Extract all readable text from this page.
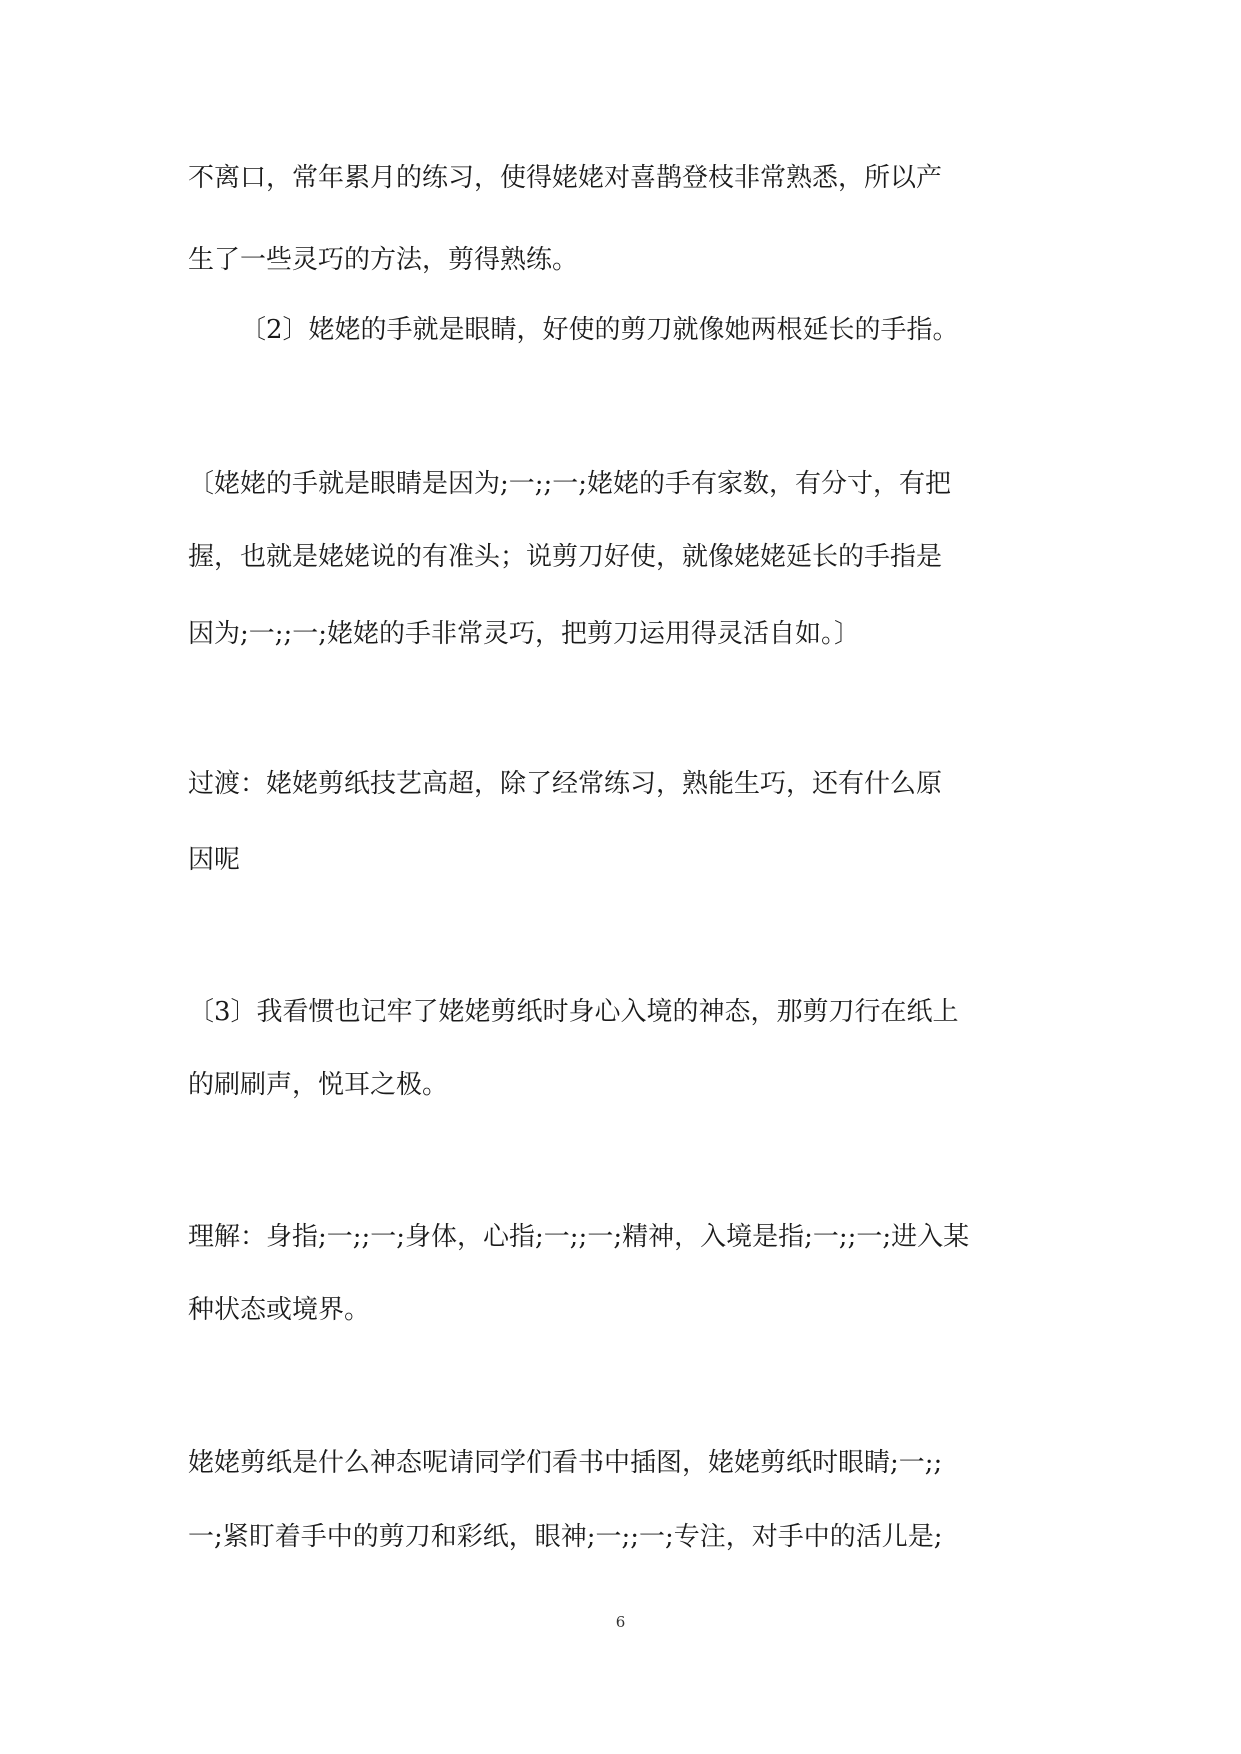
不离口，常年累月的练习，使得姥姥对喜鹊登枝非常熟悉，所以产
生了一些灵巧的方法，剪得熟练。
〔2〕姥姥的手就是眼睛，好使的剪刀就像她两根延长的手指。
〔姥姥的手就是眼睛是因为;一;;一;姥姥的手有家数，有分寸，有把
握，也就是姥姥说的有准头；说剪刀好使，就像姥姥延长的手指是
因为;一;;一;姥姥的手非常灵巧，把剪刀运用得灵活自如。〕
过渡：姥姥剪纸技艺高超，除了经常练习，熟能生巧，还有什么原
因呢
〔3〕我看惯也记牢了姥姥剪纸时身心入境的神态，那剪刀行在纸上
的刷刷声，悦耳之极。
理解：身指;一;;一;身体，心指;一;;一;精神，入境是指;一;;一;进入某
种状态或境界。
姥姥剪纸是什么神态呢请同学们看书中插图，姥姥剪纸时眼睛;一;;
一;紧盯着手中的剪刀和彩纸，眼神;一;;一;专注，对手中的活儿是;
6
